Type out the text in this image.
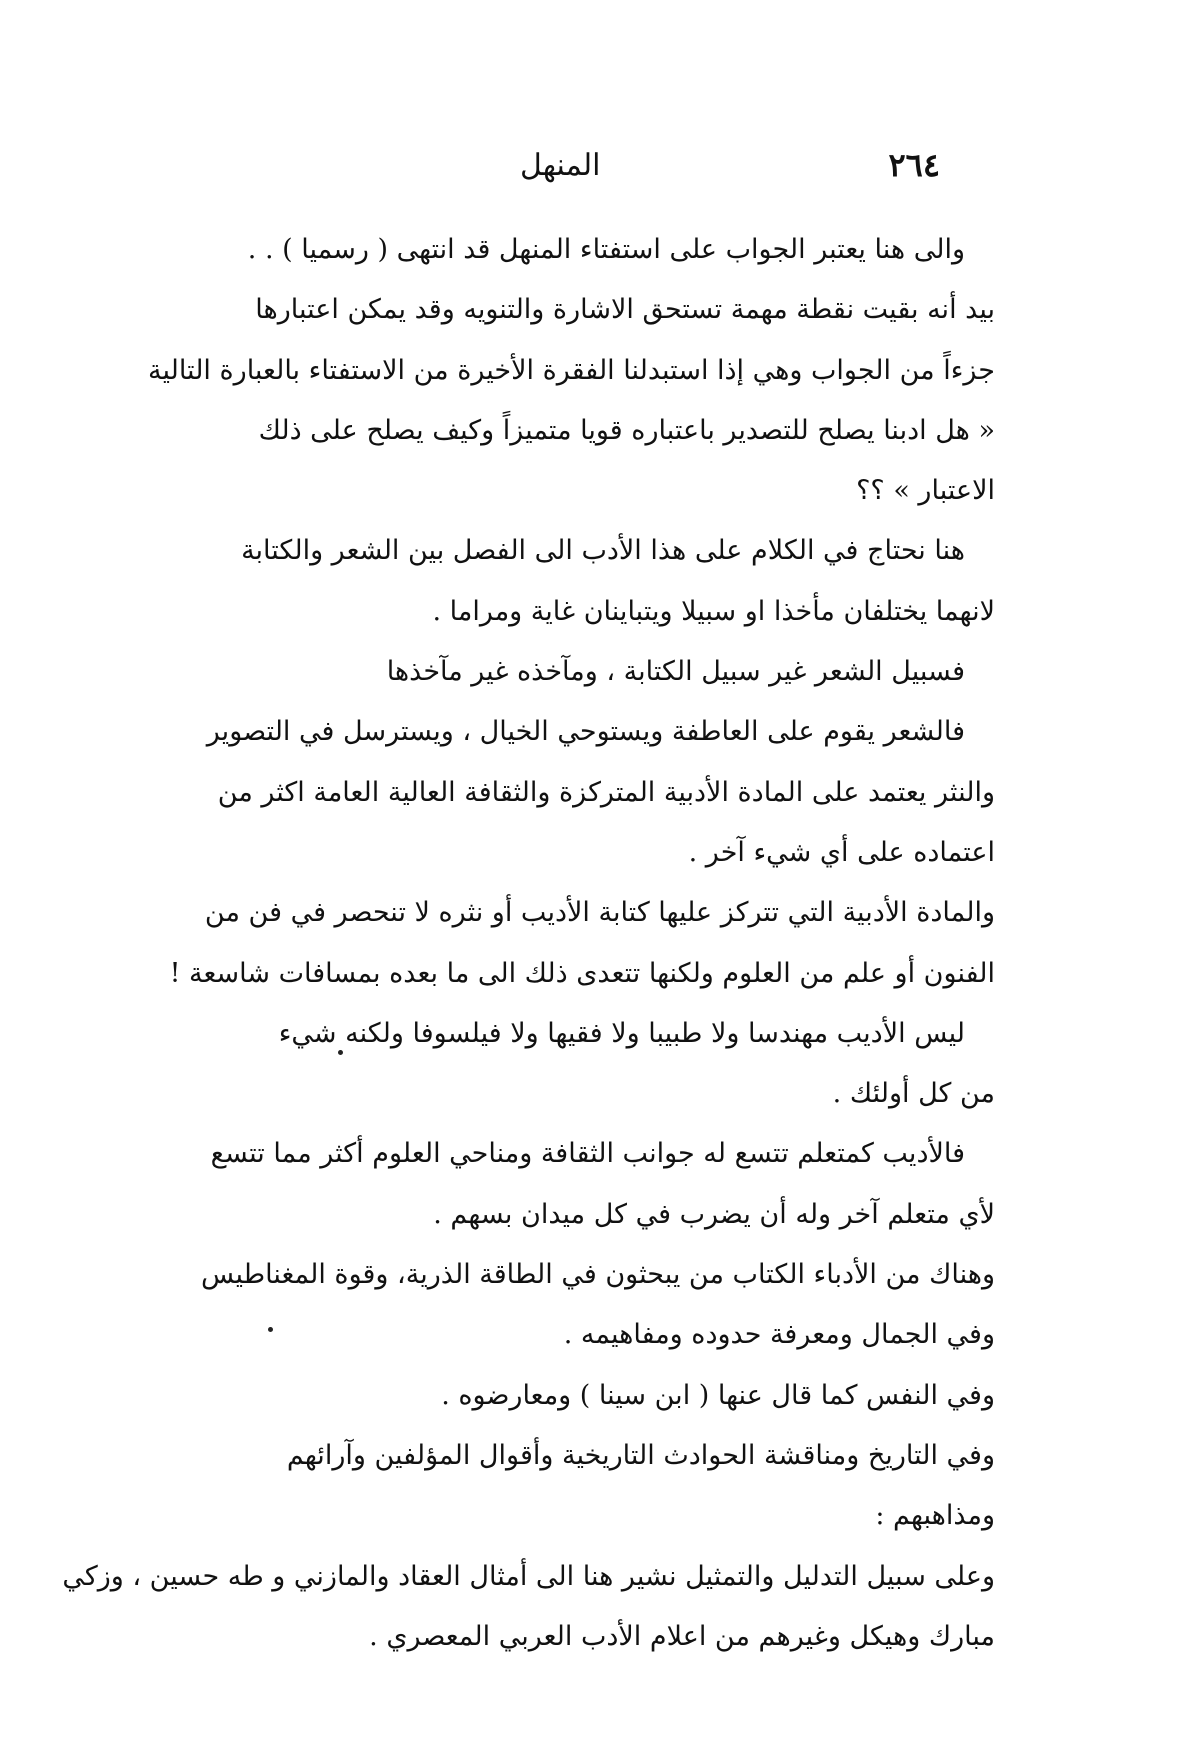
٢٦٤
المنهل
والى هنا يعتبر الجواب على استفتاء المنهل قد انتهى ( رسميا ) . .
بيد أنه بقيت نقطة مهمة تستحق الاشارة والتنويه وقد يمكن اعتبارها
جزءاً من الجواب وهي إذا استبدلنا الفقرة الأخيرة من الاستفتاء بالعبارة التالية
« هل ادبنا يصلح للتصدير باعتباره قويا متميزاً وكيف يصلح على ذلك
الاعتبار » ؟؟
هنا نحتاج في الكلام على هذا الأدب الى الفصل بين الشعر والكتابة
لانهما يختلفان مأخذا او سبيلا ويتباينان غاية ومراما .
فسبيل الشعر غير سبيل الكتابة ، ومآخذه غير مآخذها
فالشعر يقوم على العاطفة ويستوحي الخيال ، ويسترسل في التصوير
والنثر يعتمد على المادة الأدبية المتركزة والثقافة العالية العامة اكثر من
اعتماده على أي شيء آخر .
والمادة الأدبية التي تتركز عليها كتابة الأديب أو نثره لا تنحصر في فن من
الفنون أو علم من العلوم ولكنها تتعدى ذلك الى ما بعده بمسافات شاسعة !
ليس الأديب مهندسا ولا طبيبا ولا فقيها ولا فيلسوفا ولكنه شيء
من كل أولئك .
فالأديب كمتعلم تتسع له جوانب الثقافة ومناحي العلوم أكثر مما تتسع
لأي متعلم آخر وله أن يضرب في كل ميدان بسهم .
وهناك من الأدباء الكتاب من يبحثون في الطاقة الذرية، وقوة المغناطيس
وفي الجمال ومعرفة حدوده ومفاهيمه .
وفي النفس كما قال عنها ( ابن سينا ) ومعارضوه .
وفي التاريخ ومناقشة الحوادث التاريخية وأقوال المؤلفين وآرائهم
ومذاهبهم :
وعلى سبيل التدليل والتمثيل نشير هنا الى أمثال العقاد والمازني و طه حسين ، وزكي
مبارك وهيكل وغيرهم من اعلام الأدب العربي المعصري .
